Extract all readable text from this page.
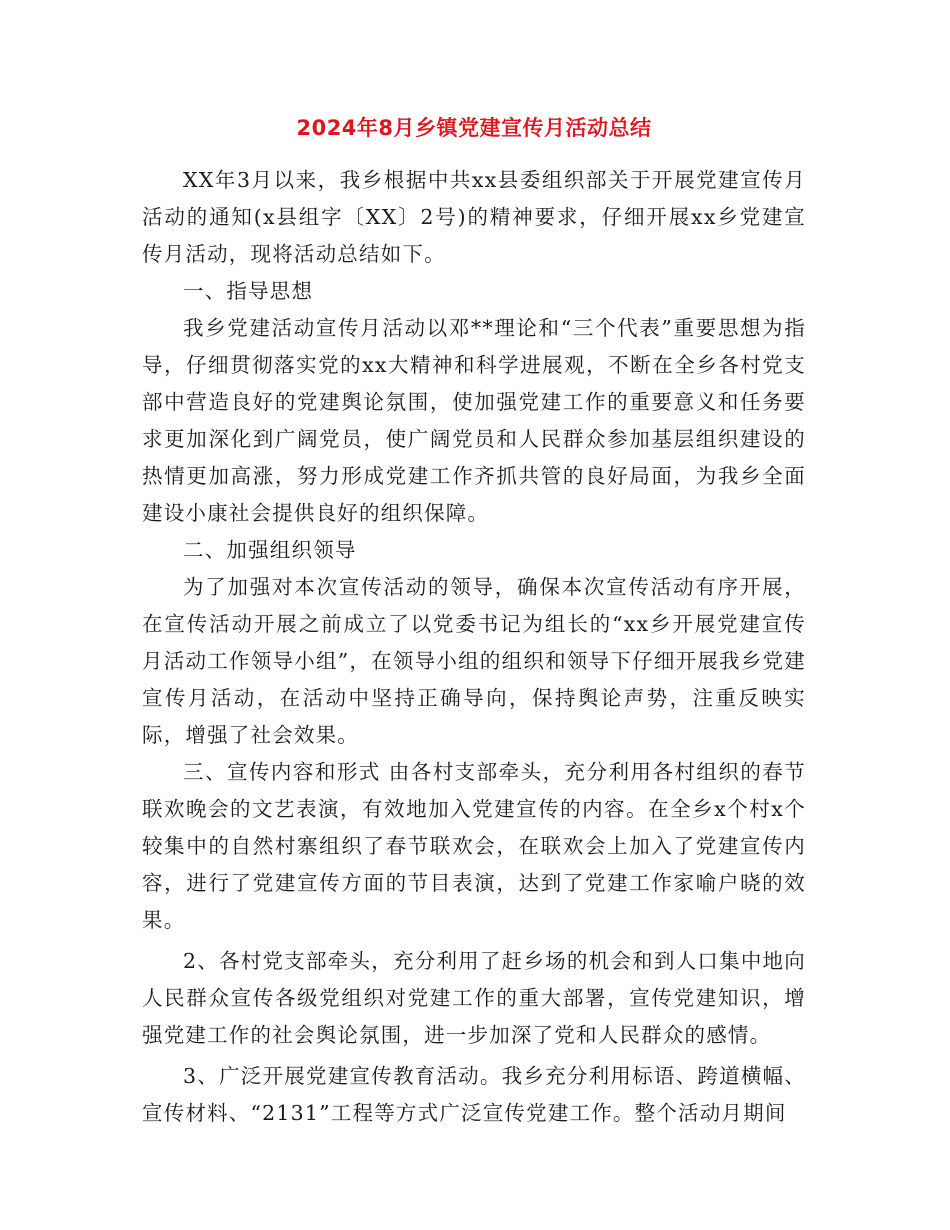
2024年8月乡镇党建宣传月活动总结

XX年3月以来，我乡根据中共xx县委组织部关于开展党建宣传月活动的通知(x县组字〔XX〕2号)的精神要求，仔细开展xx乡党建宣传月活动，现将活动总结如下。

一、指导思想

我乡党建活动宣传月活动以邓**理论和“三个代表”重要思想为指导，仔细贯彻落实党的xx大精神和科学进展观，不断在全乡各村党支部中营造良好的党建舆论氛围，使加强党建工作的重要意义和任务要求更加深化到广阔党员，使广阔党员和人民群众参加基层组织建设的热情更加高涨，努力形成党建工作齐抓共管的良好局面，为我乡全面建设小康社会提供良好的组织保障。

二、加强组织领导

为了加强对本次宣传活动的领导，确保本次宣传活动有序开展，在宣传活动开展之前成立了以党委书记为组长的“xx乡开展党建宣传月活动工作领导小组”，在领导小组的组织和领导下仔细开展我乡党建宣传月活动，在活动中坚持正确导向，保持舆论声势，注重反映实际，增强了社会效果。

三、宣传内容和形式 由各村支部牵头，充分利用各村组织的春节联欢晚会的文艺表演，有效地加入党建宣传的内容。在全乡x个村x个较集中的自然村寨组织了春节联欢会，在联欢会上加入了党建宣传内容，进行了党建宣传方面的节目表演，达到了党建工作家喻户晓的效果。

2、各村党支部牵头，充分利用了赶乡场的机会和到人口集中地向人民群众宣传各级党组织对党建工作的重大部署，宣传党建知识，增强党建工作的社会舆论氛围，进一步加深了党和人民群众的感情。

3、广泛开展党建宣传教育活动。我乡充分利用标语、跨道横幅、宣传材料、“2131”工程等方式广泛宣传党建工作。整个活动月期间
